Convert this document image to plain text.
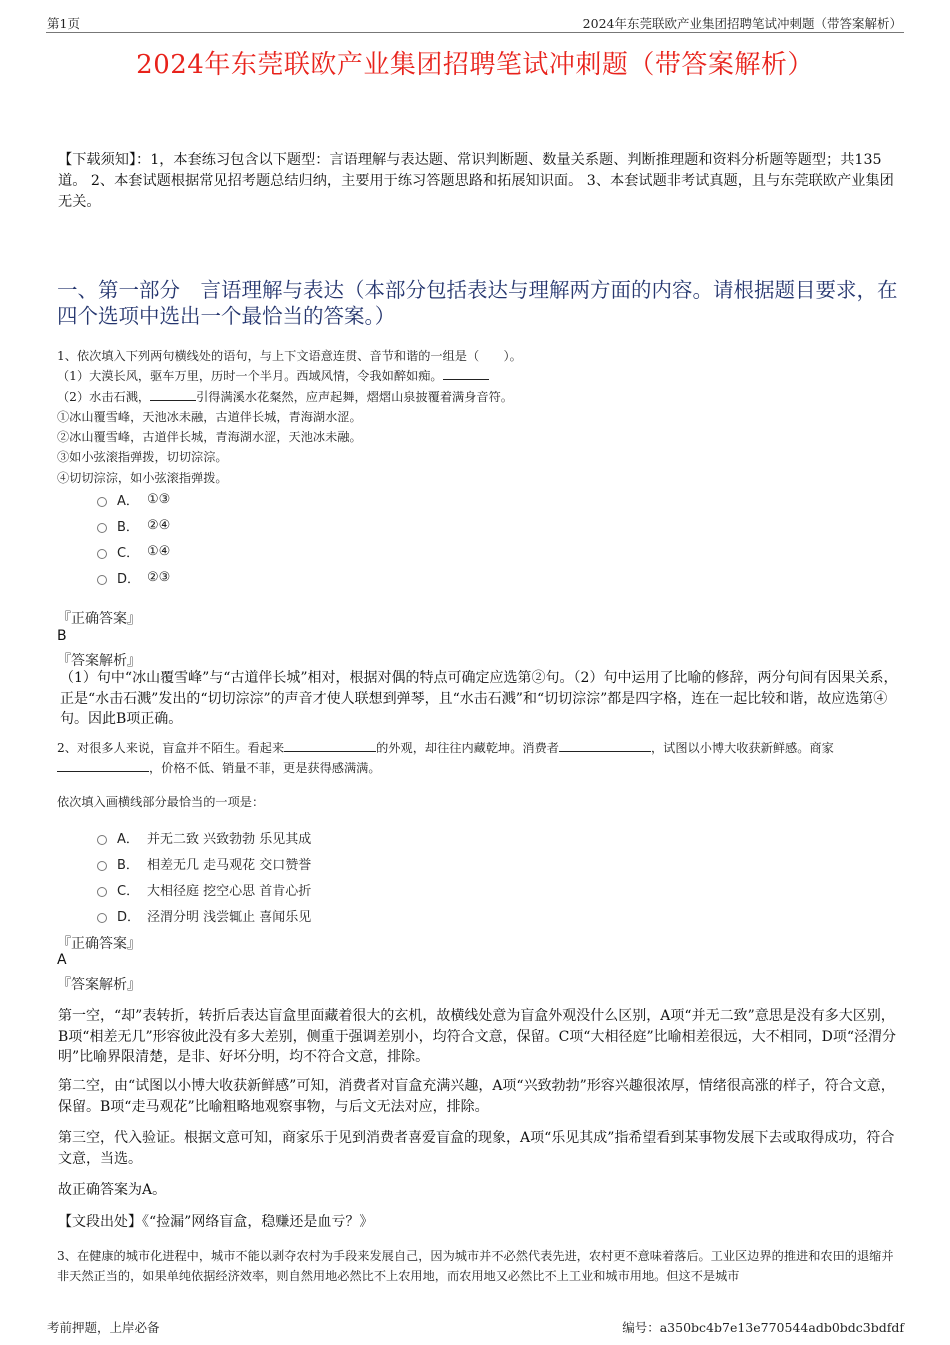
第1页	2024年东莞联欧产业集团招聘笔试冲刺题（带答案解析）
2024年东莞联欧产业集团招聘笔试冲刺题（带答案解析）
【下载须知】：1，本套练习包含以下题型：言语理解与表达题、常识判断题、数量关系题、判断推理题和资料分析题等题型；共135道。 2、本套试题根据常见招考题总结归纳，主要用于练习答题思路和拓展知识面。 3、本套试题非考试真题，且与东莞联欧产业集团无关。
一、第一部分　言语理解与表达（本部分包括表达与理解两方面的内容。请根据题目要求，在四个选项中选出一个最恰当的答案。）
1、依次填入下列两句横线处的语句，与上下文语意连贯、音节和谐的一组是（　　）。
（1）大漠长风，驱车万里，历时一个半月。西域风情，令我如醉如痴。
（2）水击石溅，	引得满溪水花粲然，应声起舞，熠熠山泉披覆着满身音符。
①冰山覆雪峰，天池冰未融，古道伴长城，青海湖水涩。
②冰山覆雪峰，古道伴长城，青海湖水涩，天池冰未融。
③如小弦滚指弹拨，切切淙淙。
④切切淙淙，如小弦滚指弹拨。
A． ①③
B． ②④
C． ①④
D． ②③
『正确答案』
B
『答案解析』
（1）句中“冰山覆雪峰”与“古道伴长城”相对，根据对偶的特点可确定应选第②句。（2）句中运用了比喻的修辞，两分句间有因果关系，正是“水击石溅”发出的“切切淙淙”的声音才使人联想到弹琴，且“水击石溅”和“切切淙淙”都是四字格，连在一起比较和谐，故应选第④句。因此B项正确。
2、对很多人来说，盲盒并不陌生。看起来	的外观，却往往内藏乾坤。消费者	，试图以小博大收获新鲜感。商家，价格不低、销量不菲，更是获得感满满。
依次填入画横线部分最恰当的一项是：
A． 并无二致 兴致勃勃 乐见其成
B． 相差无几 走马观花 交口赞誉
C． 大相径庭 挖空心思 首肯心折
D． 泾渭分明 浅尝辄止 喜闻乐见
『正确答案』
A
『答案解析』
第一空，“却”表转折，转折后表达盲盒里面藏着很大的玄机，故横线处意为盲盒外观没什么区别，A项“并无二致”意思是没有多大区别，B项“相差无几”形容彼此没有多大差别，侧重于强调差别小，均符合文意，保留。C项“大相径庭”比喻相差很远，大不相同，D项“泾渭分明”比喻界限清楚，是非、好坏分明，均不符合文意，排除。
第二空，由“试图以小博大收获新鲜感”可知，消费者对盲盒充满兴趣，A项“兴致勃勃”形容兴趣很浓厚，情绪很高涨的样子，符合文意，保留。B项“走马观花”比喻粗略地观察事物，与后文无法对应，排除。
第三空，代入验证。根据文意可知，商家乐于见到消费者喜爱盲盒的现象，A项“乐见其成”指希望看到某事物发展下去或取得成功，符合文意，当选。
故正确答案为A。
【文段出处】《“捡漏”网络盲盒，稳赚还是血亏？》
3、在健康的城市化进程中，城市不能以剥夺农村为手段来发展自己，因为城市并不必然代表先进，农村更不意味着落后。工业区边界的推进和农田的退缩并非天然正当的，如果单纯依据经济效率，则自然用地必然比不上农用地，而农用地又必然比不上工业和城市用地。但这不是城市
考前押题，上岸必备	编号：a350bc4b7e13e770544adb0bdc3bdfdf
